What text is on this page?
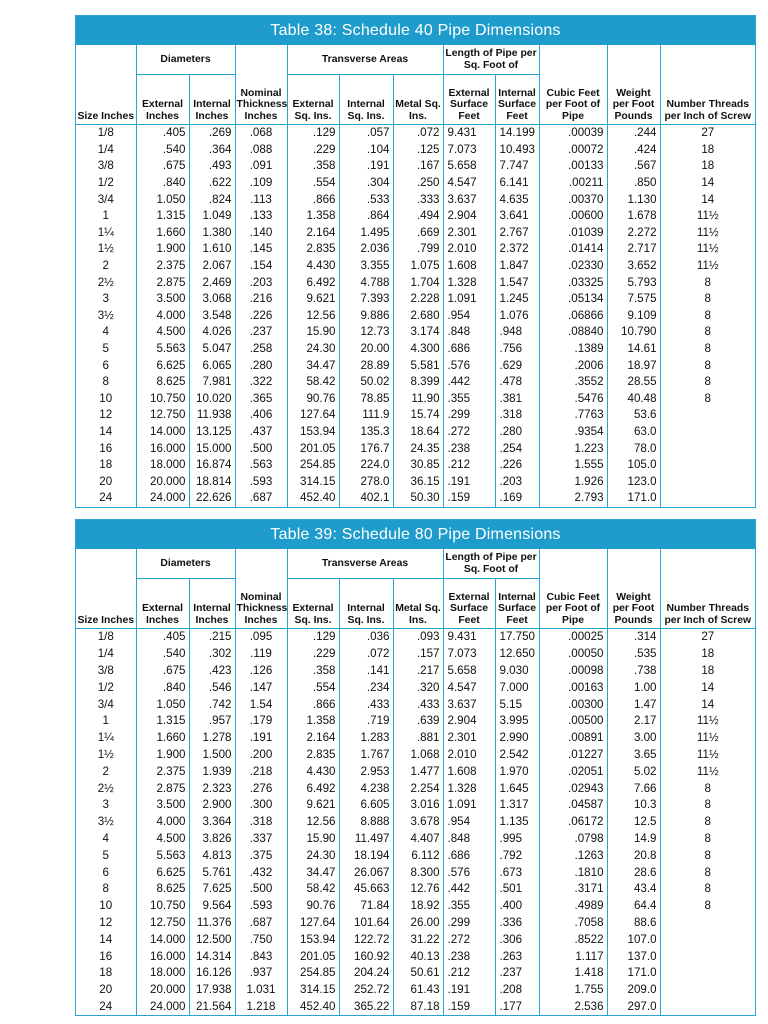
Table 38: Schedule 40 Pipe Dimensions
Size Inches	Diameters		Nominal Thickness Inches	Transverse Areas			Length of Pipe per Sq. Foot of		Cubic Feet per Foot of Pipe	Weight per Foot Pounds	Number Threads per Inch of Screw
	External Inches	Internal Inches		External Sq. Ins.	Internal Sq. Ins.	Metal Sq. Ins.	External Surface Feet	Internal Surface Feet			
1/8	.405	.269	.068	.129	.057	.072	9.431	14.199	.00039	.244	27
1/4	.540	.364	.088	.229	.104	.125	7.073	10.493	.00072	.424	18
3/8	.675	.493	.091	.358	.191	.167	5.658	7.747	.00133	.567	18
1/2	.840	.622	.109	.554	.304	.250	4.547	6.141	.00211	.850	14
3/4	1.050	.824	.113	.866	.533	.333	3.637	4.635	.00370	1.130	14
1	1.315	1.049	.133	1.358	.864	.494	2.904	3.641	.00600	1.678	11½
1¼	1.660	1.380	.140	2.164	1.495	.669	2.301	2.767	.01039	2.272	11½
1½	1.900	1.610	.145	2.835	2.036	.799	2.010	2.372	.01414	2.717	11½
2	2.375	2.067	.154	4.430	3.355	1.075	1.608	1.847	.02330	3.652	11½
2½	2.875	2.469	.203	6.492	4.788	1.704	1.328	1.547	.03325	5.793	8
3	3.500	3.068	.216	9.621	7.393	2.228	1.091	1.245	.05134	7.575	8
3½	4.000	3.548	.226	12.56	9.886	2.680	.954	1.076	.06866	9.109	8
4	4.500	4.026	.237	15.90	12.73	3.174	.848	.948	.08840	10.790	8
5	5.563	5.047	.258	24.30	20.00	4.300	.686	.756	.1389	14.61	8
6	6.625	6.065	.280	34.47	28.89	5.581	.576	.629	.2006	18.97	8
8	8.625	7.981	.322	58.42	50.02	8.399	.442	.478	.3552	28.55	8
10	10.750	10.020	.365	90.76	78.85	11.90	.355	.381	.5476	40.48	8
12	12.750	11.938	.406	127.64	111.9	15.74	.299	.318	.7763	53.6	
14	14.000	13.125	.437	153.94	135.3	18.64	.272	.280	.9354	63.0	
16	16.000	15.000	.500	201.05	176.7	24.35	.238	.254	1.223	78.0	
18	18.000	16.874	.563	254.85	224.0	30.85	.212	.226	1.555	105.0	
20	20.000	18.814	.593	314.15	278.0	36.15	.191	.203	1.926	123.0	
24	24.000	22.626	.687	452.40	402.1	50.30	.159	.169	2.793	171.0	
Table 39: Schedule 80 Pipe Dimensions
Size Inches	Diameters		Nominal Thickness Inches	Transverse Areas			Length of Pipe per Sq. Foot of		Cubic Feet per Foot of Pipe	Weight per Foot Pounds	Number Threads per Inch of Screw
	External Inches	Internal Inches		External Sq. Ins.	Internal Sq. Ins.	Metal Sq. Ins.	External Surface Feet	Internal Surface Feet			
1/8	.405	.215	.095	.129	.036	.093	9.431	17.750	.00025	.314	27
1/4	.540	.302	.119	.229	.072	.157	7.073	12.650	.00050	.535	18
3/8	.675	.423	.126	.358	.141	.217	5.658	9.030	.00098	.738	18
1/2	.840	.546	.147	.554	.234	.320	4.547	7.000	.00163	1.00	14
3/4	1.050	.742	1.54	.866	.433	.433	3.637	5.15	.00300	1.47	14
1	1.315	.957	.179	1.358	.719	.639	2.904	3.995	.00500	2.17	11½
1¼	1.660	1.278	.191	2.164	1.283	.881	2.301	2.990	.00891	3.00	11½
1½	1.900	1.500	.200	2.835	1.767	1.068	2.010	2.542	.01227	3.65	11½
2	2.375	1.939	.218	4.430	2.953	1.477	1.608	1.970	.02051	5.02	11½
2½	2.875	2.323	.276	6.492	4.238	2.254	1.328	1.645	.02943	7.66	8
3	3.500	2.900	.300	9.621	6.605	3.016	1.091	1.317	.04587	10.3	8
3½	4.000	3.364	.318	12.56	8.888	3.678	.954	1.135	.06172	12.5	8
4	4.500	3.826	.337	15.90	11.497	4.407	.848	.995	.0798	14.9	8
5	5.563	4.813	.375	24.30	18.194	6.112	.686	.792	.1263	20.8	8
6	6.625	5.761	.432	34.47	26.067	8.300	.576	.673	.1810	28.6	8
8	8.625	7.625	.500	58.42	45.663	12.76	.442	.501	.3171	43.4	8
10	10.750	9.564	.593	90.76	71.84	18.92	.355	.400	.4989	64.4	8
12	12.750	11.376	.687	127.64	101.64	26.00	.299	.336	.7058	88.6	
14	14.000	12.500	.750	153.94	122.72	31.22	.272	.306	.8522	107.0	
16	16.000	14.314	.843	201.05	160.92	40.13	.238	.263	1.117	137.0	
18	18.000	16.126	.937	254.85	204.24	50.61	.212	.237	1.418	171.0	
20	20.000	17.938	1.031	314.15	252.72	61.43	.191	.208	1.755	209.0	
24	24.000	21.564	1.218	452.40	365.22	87.18	.159	.177	2.536	297.0	
